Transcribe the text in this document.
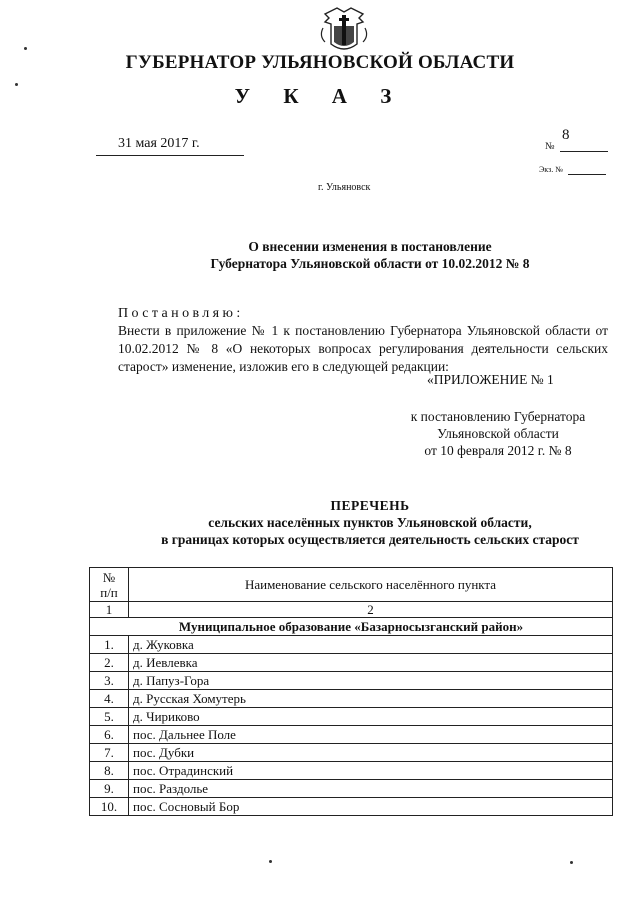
ГУБЕРНАТОР УЛЬЯНОВСКОЙ ОБЛАСТИ
У К А З
31 мая 2017 г.	№
8
Экз. №
г. Ульяновск
О внесении изменения в постановление
Губернатора Ульяновской области от 10.02.2012 № 8
Постановляю:
Внести в приложение № 1 к постановлению Губернатора Ульяновской области от 10.02.2012 № 8 «О некоторых вопросах регулирования деятельности сельских старост» изменение, изложив его в следующей редакции:
«ПРИЛОЖЕНИЕ № 1
к постановлению Губернатора
Ульяновской области
от 10 февраля 2012 г. № 8
ПЕРЕЧЕНЬ
сельских населённых пунктов Ульяновской области,
в границах которых осуществляется деятельность сельских старост
№
п/п	Наименование сельского населённого пункта
1	2
Муниципальное образование «Базарносызганский район»	
1.	д. Жуковка
2.	д. Иевлевка
3.	д. Папуз-Гора
4.	д. Русская Хомутерь
5.	д. Чириково
6.	пос. Дальнее Поле
7.	пос. Дубки
8.	пос. Отрадинский
9.	пос. Раздолье
10.	пос. Сосновый Бор
